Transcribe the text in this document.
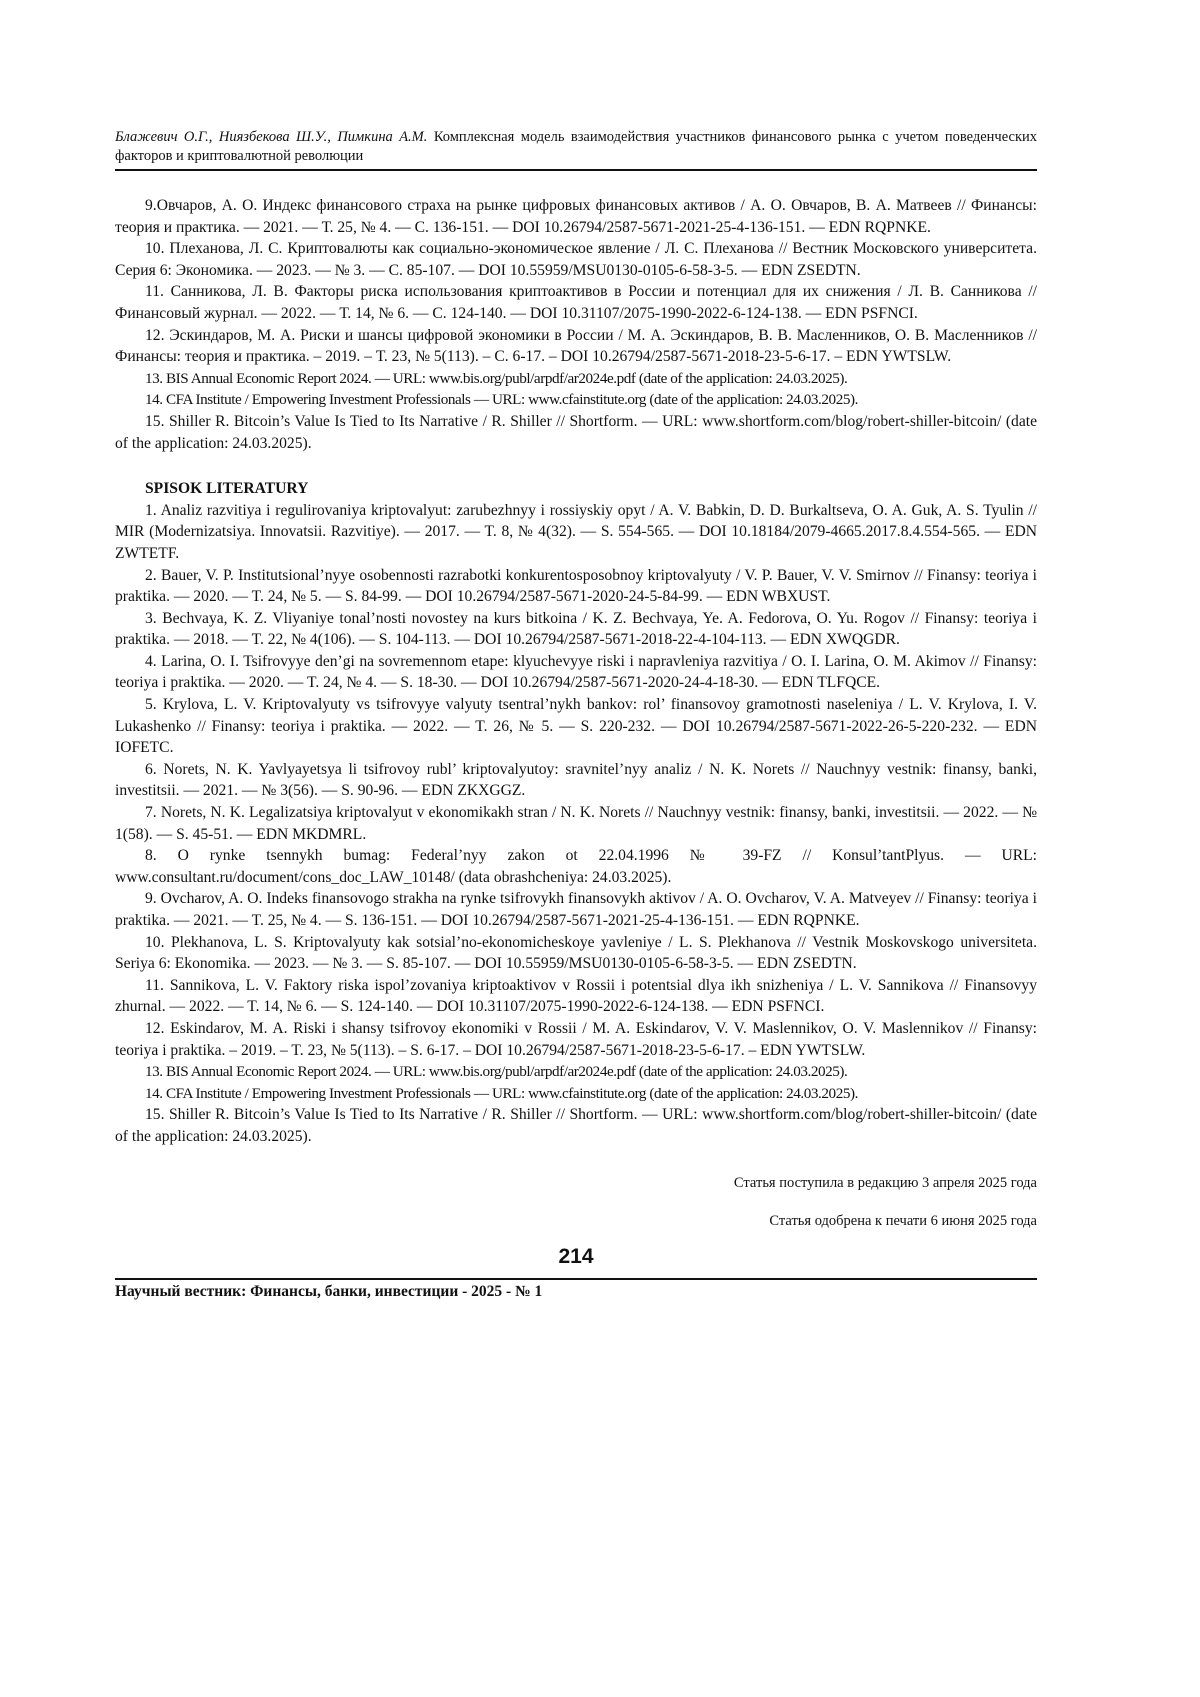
Блажевич О.Г., Ниязбекова Ш.У., Пимкина А.М. Комплексная модель взаимодействия участников финансового рынка с учетом поведенческих факторов и криптовалютной революции

9.Овчаров, А. О. Индекс финансового страха на рынке цифровых финансовых активов / А. О. Овчаров, В. А. Матвеев // Финансы: теория и практика. — 2021. — Т. 25, № 4. — С. 136-151. — DOI 10.26794/2587-5671-2021-25-4-136-151. — EDN RQPNKE.

10. Плеханова, Л. С. Криптовалюты как социально-экономическое явление / Л. С. Плеханова // Вестник Московского университета. Серия 6: Экономика. — 2023. — № 3. — С. 85-107. — DOI 10.55959/MSU0130-0105-6-58-3-5. — EDN ZSEDTN.

11. Санникова, Л. В. Факторы риска использования криптоактивов в России и потенциал для их снижения / Л. В. Санникова // Финансовый журнал. — 2022. — Т. 14, № 6. — С. 124-140. — DOI 10.31107/2075-1990-2022-6-124-138. — EDN PSFNCI.

12. Эскиндаров, М. А. Риски и шансы цифровой экономики в России / М. А. Эскиндаров, В. В. Масленников, О. В. Масленников // Финансы: теория и практика. – 2019. – Т. 23, № 5(113). – С. 6-17. – DOI 10.26794/2587-5671-2018-23-5-6-17. – EDN YWTSLW.

13. BIS Annual Economic Report 2024. — URL: www.bis.org/publ/arpdf/ar2024e.pdf (date of the application: 24.03.2025).

14. CFA Institute / Empowering Investment Professionals — URL: www.cfainstitute.org (date of the application: 24.03.2025).

15. Shiller R. Bitcoin’s Value Is Tied to Its Narrative / R. Shiller // Shortform. — URL: www.shortform.com/blog/robert-shiller-bitcoin/ (date of the application: 24.03.2025).

SPISOK LITERATURY

1. Analiz razvitiya i regulirovaniya kriptovalyut: zarubezhnyy i rossiyskiy opyt / A. V. Babkin, D. D. Burkaltseva, O. A. Guk, A. S. Tyulin // MIR (Modernizatsiya. Innovatsii. Razvitiye). — 2017. — T. 8, № 4(32). — S. 554-565. — DOI 10.18184/2079-4665.2017.8.4.554-565. — EDN ZWTETF.

2. Bauer, V. P. Institutsional’nyye osobennosti razrabotki konkurentosposobnoy kriptovalyuty / V. P. Bauer, V. V. Smirnov // Finansy: teoriya i praktika. — 2020. — T. 24, № 5. — S. 84-99. — DOI 10.26794/2587-5671-2020-24-5-84-99. — EDN WBXUST.

3. Bechvaya, K. Z. Vliyaniye tonal’nosti novostey na kurs bitkoina / K. Z. Bechvaya, Ye. A. Fedorova, O. Yu. Rogov // Finansy: teoriya i praktika. — 2018. — T. 22, № 4(106). — S. 104-113. — DOI 10.26794/2587-5671-2018-22-4-104-113. — EDN XWQGDR.

4. Larina, O. I. Tsifrovyye den’gi na sovremennom etape: klyuchevyye riski i napravleniya razvitiya / O. I. Larina, O. M. Akimov // Finansy: teoriya i praktika. — 2020. — T. 24, № 4. — S. 18-30. — DOI 10.26794/2587-5671-2020-24-4-18-30. — EDN TLFQCE.

5. Krylova, L. V. Kriptovalyuty vs tsifrovyye valyuty tsentral’nykh bankov: rol’ finansovoy gramotnosti naseleniya / L. V. Krylova, I. V. Lukashenko // Finansy: teoriya i praktika. — 2022. — T. 26, № 5. — S. 220-232. — DOI 10.26794/2587-5671-2022-26-5-220-232. — EDN IOFETC.

6. Norets, N. K. Yavlyayetsya li tsifrovoy rubl’ kriptovalyutoy: sravnitel’nyy analiz / N. K. Norets // Nauchnyy vestnik: finansy, banki, investitsii. — 2021. — № 3(56). — S. 90-96. — EDN ZKXGGZ.

7. Norets, N. K. Legalizatsiya kriptovalyut v ekonomikakh stran / N. K. Norets // Nauchnyy vestnik: finansy, banki, investitsii. — 2022. — № 1(58). — S. 45-51. — EDN MKDMRL.

8. O rynke tsennykh bumag: Federal’nyy zakon ot 22.04.1996 № 39-FZ // Konsul’tantPlyus. — URL: www.consultant.ru/document/cons_doc_LAW_10148/ (data obrashcheniya: 24.03.2025).

9. Ovcharov, A. O. Indeks finansovogo strakha na rynke tsifrovykh finansovykh aktivov / A. O. Ovcharov, V. A. Matveyev // Finansy: teoriya i praktika. — 2021. — T. 25, № 4. — S. 136-151. — DOI 10.26794/2587-5671-2021-25-4-136-151. — EDN RQPNKE.

10. Plekhanova, L. S. Kriptovalyuty kak sotsial’no-ekonomicheskoye yavleniye / L. S. Plekhanova // Vestnik Moskovskogo universiteta. Seriya 6: Ekonomika. — 2023. — № 3. — S. 85-107. — DOI 10.55959/MSU0130-0105-6-58-3-5. — EDN ZSEDTN.

11. Sannikova, L. V. Faktory riska ispol’zovaniya kriptoaktivov v Rossii i potentsial dlya ikh snizheniya / L. V. Sannikova // Finansovyy zhurnal. — 2022. — T. 14, № 6. — S. 124-140. — DOI 10.31107/2075-1990-2022-6-124-138. — EDN PSFNCI.

12. Eskindarov, M. A. Riski i shansy tsifrovoy ekonomiki v Rossii / M. A. Eskindarov, V. V. Maslennikov, O. V. Maslennikov // Finansy: teoriya i praktika. – 2019. – T. 23, № 5(113). – S. 6-17. – DOI 10.26794/2587-5671-2018-23-5-6-17. – EDN YWTSLW.

13. BIS Annual Economic Report 2024. — URL: www.bis.org/publ/arpdf/ar2024e.pdf (date of the application: 24.03.2025).

14. CFA Institute / Empowering Investment Professionals — URL: www.cfainstitute.org (date of the application: 24.03.2025).

15. Shiller R. Bitcoin’s Value Is Tied to Its Narrative / R. Shiller // Shortform. — URL: www.shortform.com/blog/robert-shiller-bitcoin/ (date of the application: 24.03.2025).

Статья поступила в редакцию 3 апреля 2025 года
Статья одобрена к печати 6 июня 2025 года
214
Научный вестник: Финансы, банки, инвестиции - 2025 - № 1
